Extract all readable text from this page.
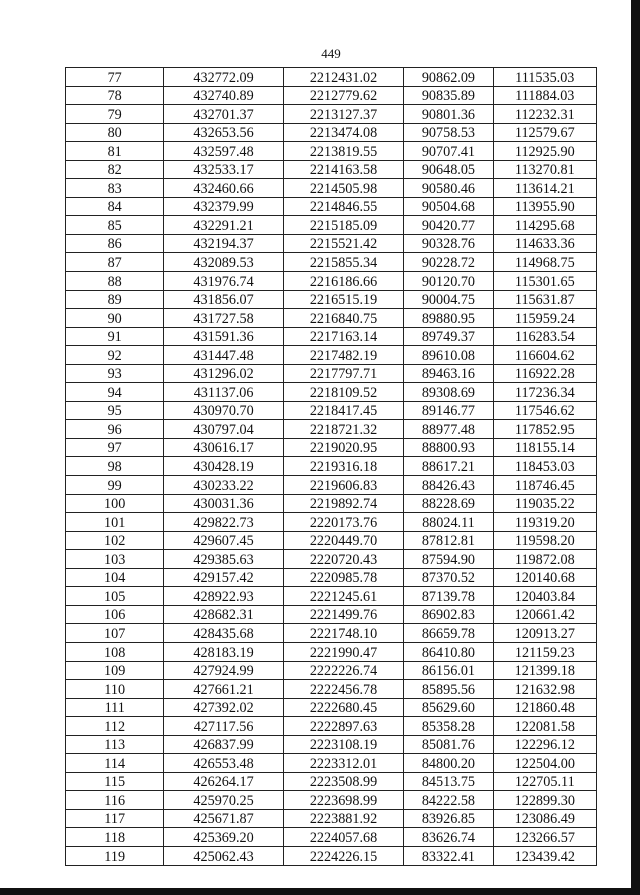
449
77	432772.09	2212431.02	90862.09	111535.03
78	432740.89	2212779.62	90835.89	111884.03
79	432701.37	2213127.37	90801.36	112232.31
80	432653.56	2213474.08	90758.53	112579.67
81	432597.48	2213819.55	90707.41	112925.90
82	432533.17	2214163.58	90648.05	113270.81
83	432460.66	2214505.98	90580.46	113614.21
84	432379.99	2214846.55	90504.68	113955.90
85	432291.21	2215185.09	90420.77	114295.68
86	432194.37	2215521.42	90328.76	114633.36
87	432089.53	2215855.34	90228.72	114968.75
88	431976.74	2216186.66	90120.70	115301.65
89	431856.07	2216515.19	90004.75	115631.87
90	431727.58	2216840.75	89880.95	115959.24
91	431591.36	2217163.14	89749.37	116283.54
92	431447.48	2217482.19	89610.08	116604.62
93	431296.02	2217797.71	89463.16	116922.28
94	431137.06	2218109.52	89308.69	117236.34
95	430970.70	2218417.45	89146.77	117546.62
96	430797.04	2218721.32	88977.48	117852.95
97	430616.17	2219020.95	88800.93	118155.14
98	430428.19	2219316.18	88617.21	118453.03
99	430233.22	2219606.83	88426.43	118746.45
100	430031.36	2219892.74	88228.69	119035.22
101	429822.73	2220173.76	88024.11	119319.20
102	429607.45	2220449.70	87812.81	119598.20
103	429385.63	2220720.43	87594.90	119872.08
104	429157.42	2220985.78	87370.52	120140.68
105	428922.93	2221245.61	87139.78	120403.84
106	428682.31	2221499.76	86902.83	120661.42
107	428435.68	2221748.10	86659.78	120913.27
108	428183.19	2221990.47	86410.80	121159.23
109	427924.99	2222226.74	86156.01	121399.18
110	427661.21	2222456.78	85895.56	121632.98
111	427392.02	2222680.45	85629.60	121860.48
112	427117.56	2222897.63	85358.28	122081.58
113	426837.99	2223108.19	85081.76	122296.12
114	426553.48	2223312.01	84800.20	122504.00
115	426264.17	2223508.99	84513.75	122705.11
116	425970.25	2223698.99	84222.58	122899.30
117	425671.87	2223881.92	83926.85	123086.49
118	425369.20	2224057.68	83626.74	123266.57
119	425062.43	2224226.15	83322.41	123439.42
